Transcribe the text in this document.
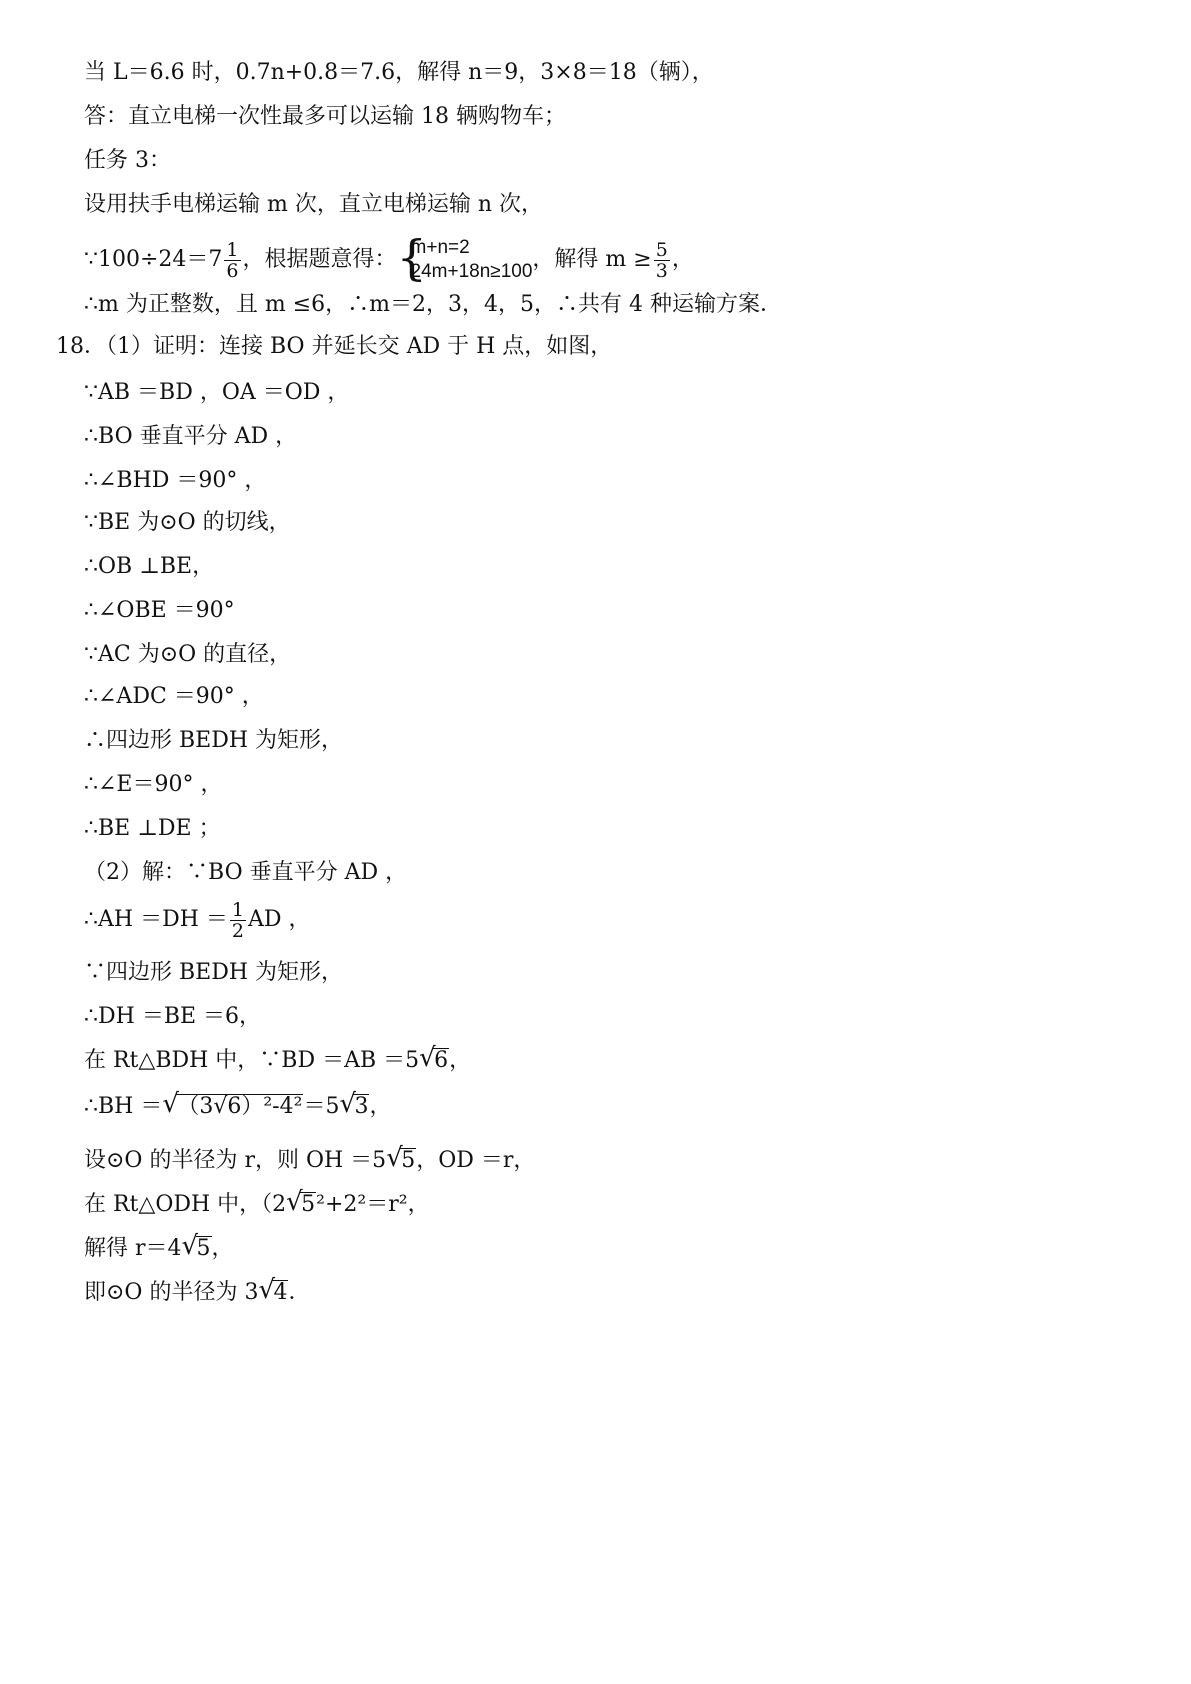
当 L＝6.6 时，0.7n+0.8＝7.6，解得 n＝9，3×8＝18（辆），
答：直立电梯一次性最多可以运输 18 辆购物车；
任务 3：
设用扶手电梯运输 m 次，直立电梯运输 n 次，
∵100÷24＝7 $\frac{1}{6}$ ，根据题意得： {
m+n=2
24m+18n≥100 ，解得 $m \ge \frac{5}{3}$ ，
∴m 为正整数，且 m ≤6，∴m＝2，3，4，5，∴共有 4 种运输方案．
18．（1）证明：连接 BO 并延长交 AD 于 H 点，如图，
∵AB ＝BD ，OA ＝OD ，
∴BO 垂直平分 AD ，
∴∠BHD ＝90° ，
∵BE 为⊙O 的切线，
∴OB ⊥BE，
∴∠OBE ＝90°
∵AC 为⊙O 的直径，
∴∠ADC ＝90° ，
∴四边形 BEDH 为矩形，
∴∠E＝90° ，
∴BE ⊥DE ；
（2）解：∵BO 垂直平分 AD ，
∴AH $=DH = \frac{1}{2}$ AD ，
∵四边形 BEDH 为矩形，
∴DH ＝BE ＝6，
在 Rt△BDH 中，∵BD ＝AB ＝5 √
6，
∴BH ＝ √
（3√6）²-4²＝5 √
3，
设⊙O 的半径为 r，则 OH ＝5 √
5，OD ＝r，
在 Rt△ODH 中，（2 √
5²+2²＝r²，
解得 r＝4 √
5，
即⊙O 的半径为 3 √
4．
